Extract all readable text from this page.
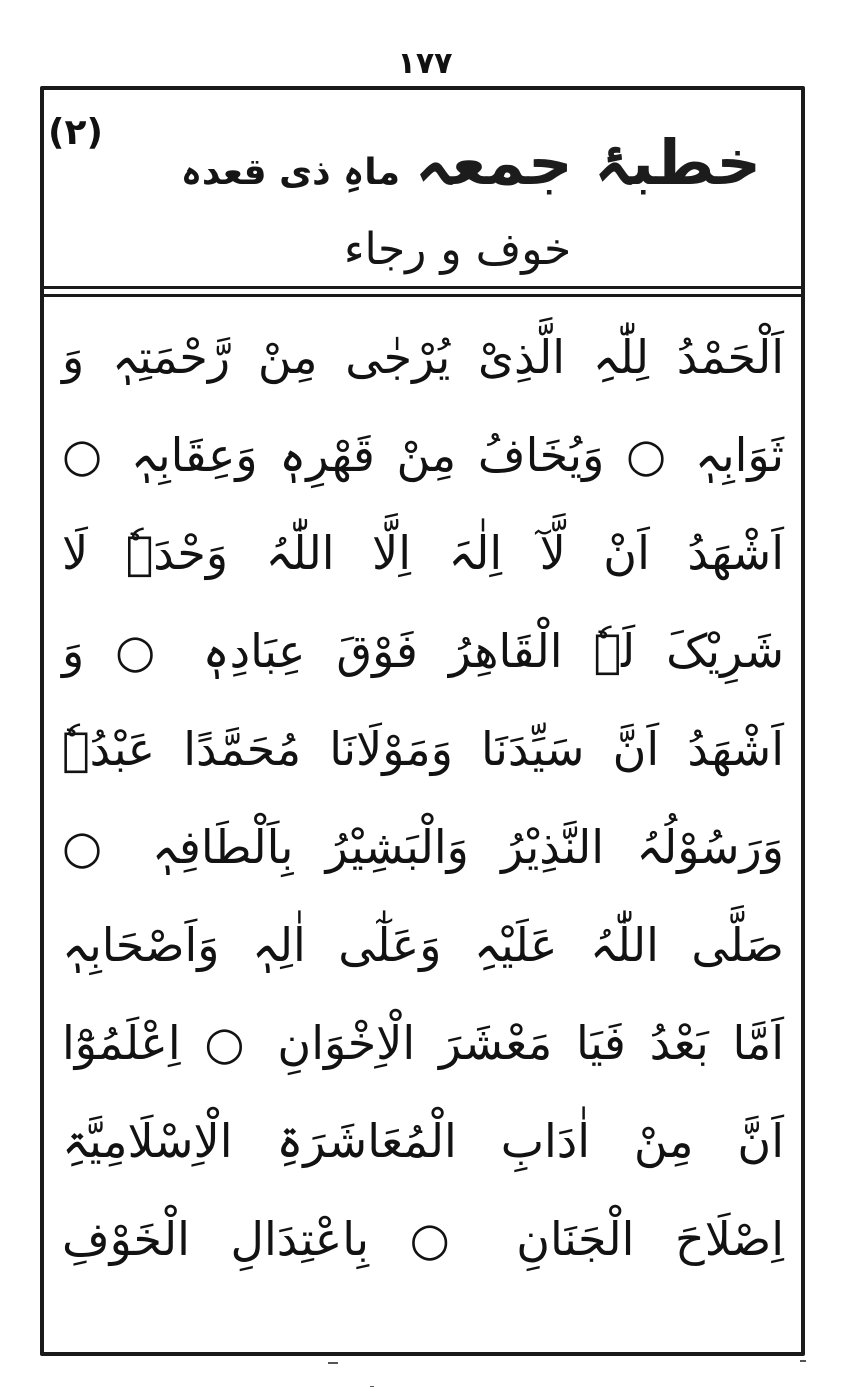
۱۷۷
(۲)	خطبۂ جمعہ ماہِ ذی قعدہ
خوف و رجاء
اَلْحَمْدُ لِلّٰہِ الَّذِیْ یُرْجٰی مِنْ رَّحْمَتِہٖ وَ
ثَوَابِہٖ ○ وَیُخَافُ مِنْ قَھْرِہٖ وَعِقَابِہٖ ○
اَشْھَدُ اَنْ لَّآ اِلٰہَ اِلَّا اللّٰہُ وَحْدَہٗ لَا
شَرِیْکَ لَہٗ الْقَاھِرُ فَوْقَ عِبَادِہٖ ○ وَ
اَشْھَدُ اَنَّ سَیِّدَنَا وَمَوْلَانَا مُحَمَّدًا عَبْدُہٗ
وَرَسُوْلُہُ النَّذِیْرُ وَالْبَشِیْرُ بِاَلْطَافِہٖ ○
صَلَّی اللّٰہُ عَلَیْہِ وَعَلٰٓی اٰلِہٖ وَاَصْحَابِہٖ
اَمَّا بَعْدُ فَیَا مَعْشَرَ الْاِخْوَانِ ○ اِعْلَمُوْٓا
اَنَّ مِنْ اٰدَابِ الْمُعَاشَرَۃِ الْاِسْلَامِیَّۃِ
اِصْلَاحَ الْجَنَانِ ○ بِاعْتِدَالِ الْخَوْفِ
